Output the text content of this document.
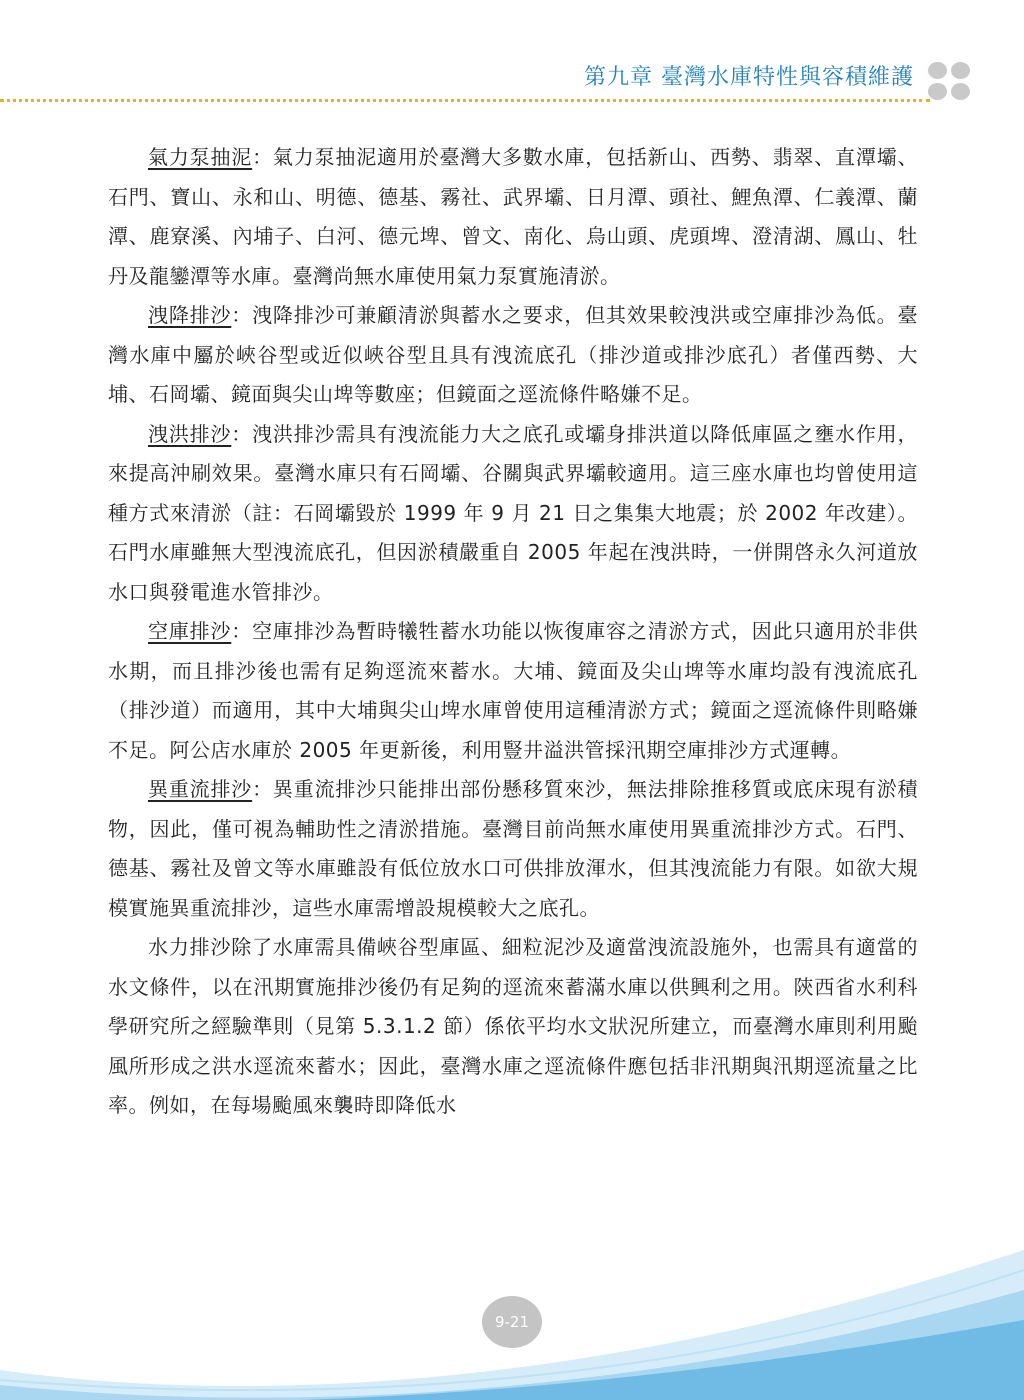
第九章 臺灣水庫特性與容積維護

氣力泵抽泥：氣力泵抽泥適用於臺灣大多數水庫，包括新山、西勢、翡翠、直潭壩、石門、寶山、永和山、明德、德基、霧社、武界壩、日月潭、頭社、鯉魚潭、仁義潭、蘭潭、鹿寮溪、內埔子、白河、德元埤、曾文、南化、烏山頭、虎頭埤、澄清湖、鳳山、牡丹及龍鑾潭等水庫。臺灣尚無水庫使用氣力泵實施清淤。

洩降排沙：洩降排沙可兼顧清淤與蓄水之要求，但其效果較洩洪或空庫排沙為低。臺灣水庫中屬於峽谷型或近似峽谷型且具有洩流底孔（排沙道或排沙底孔）者僅西勢、大埔、石岡壩、鏡面與尖山埤等數座；但鏡面之逕流條件略嫌不足。

洩洪排沙：洩洪排沙需具有洩流能力大之底孔或壩身排洪道以降低庫區之壅水作用，來提高沖刷效果。臺灣水庫只有石岡壩、谷關與武界壩較適用。這三座水庫也均曾使用這種方式來清淤（註：石岡壩毀於 1999 年 9 月 21 日之集集大地震；於 2002 年改建）。石門水庫雖無大型洩流底孔，但因淤積嚴重自 2005 年起在洩洪時，一併開啓永久河道放水口與發電進水管排沙。

空庫排沙：空庫排沙為暫時犧牲蓄水功能以恢復庫容之清淤方式，因此只適用於非供水期，而且排沙後也需有足夠逕流來蓄水。大埔、鏡面及尖山埤等水庫均設有洩流底孔（排沙道）而適用，其中大埔與尖山埤水庫曾使用這種清淤方式；鏡面之逕流條件則略嫌不足。阿公店水庫於 2005 年更新後，利用豎井溢洪管採汛期空庫排沙方式運轉。

異重流排沙：異重流排沙只能排出部份懸移質來沙，無法排除推移質或底床現有淤積物，因此，僅可視為輔助性之清淤措施。臺灣目前尚無水庫使用異重流排沙方式。石門、德基、霧社及曾文等水庫雖設有低位放水口可供排放渾水，但其洩流能力有限。如欲大規模實施異重流排沙，這些水庫需增設規模較大之底孔。

水力排沙除了水庫需具備峽谷型庫區、細粒泥沙及適當洩流設施外，也需具有適當的水文條件，以在汛期實施排沙後仍有足夠的逕流來蓄滿水庫以供興利之用。陝西省水利科學研究所之經驗準則（見第 5.3.1.2 節）係依平均水文狀況所建立，而臺灣水庫則利用颱風所形成之洪水逕流來蓄水；因此，臺灣水庫之逕流條件應包括非汛期與汛期逕流量之比率。例如，在每場颱風來襲時即降低水

9-21
